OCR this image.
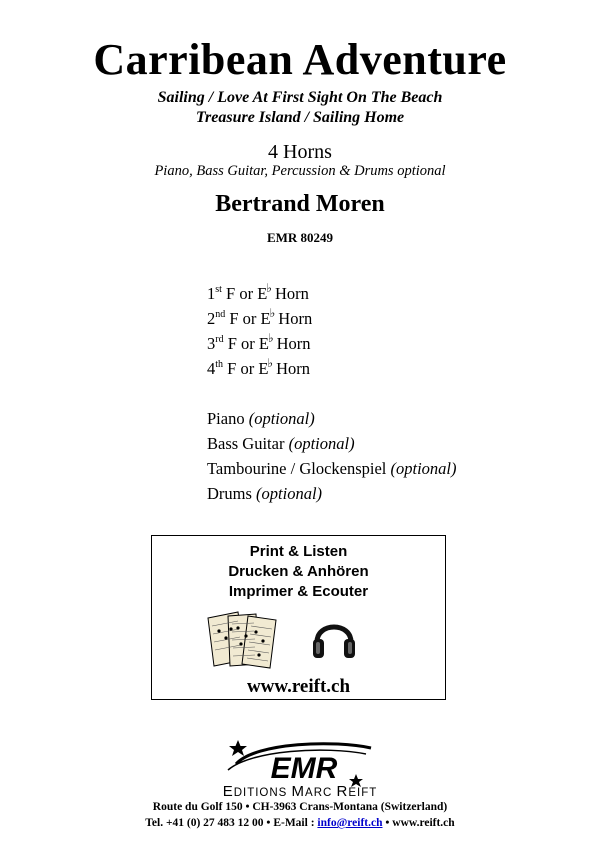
Carribean Adventure
Sailing / Love At First Sight On The Beach
Treasure Island / Sailing Home
4 Horns
Piano, Bass Guitar, Percussion & Drums optional
Bertrand Moren
EMR 80249
1st F or E♭ Horn
2nd F or E♭ Horn
3rd F or E♭ Horn
4th F or E♭ Horn
Piano (optional)
Bass Guitar (optional)
Tambourine / Glockenspiel (optional)
Drums (optional)
Print & Listen
Drucken & Anhören
Imprimer & Ecouter
www.reift.ch
EMR
EDITIONS MARC REIFT
Route du Golf 150 • CH-3963 Crans-Montana (Switzerland)
Tel. +41 (0) 27 483 12 00 • E-Mail : info@reift.ch • www.reift.ch
